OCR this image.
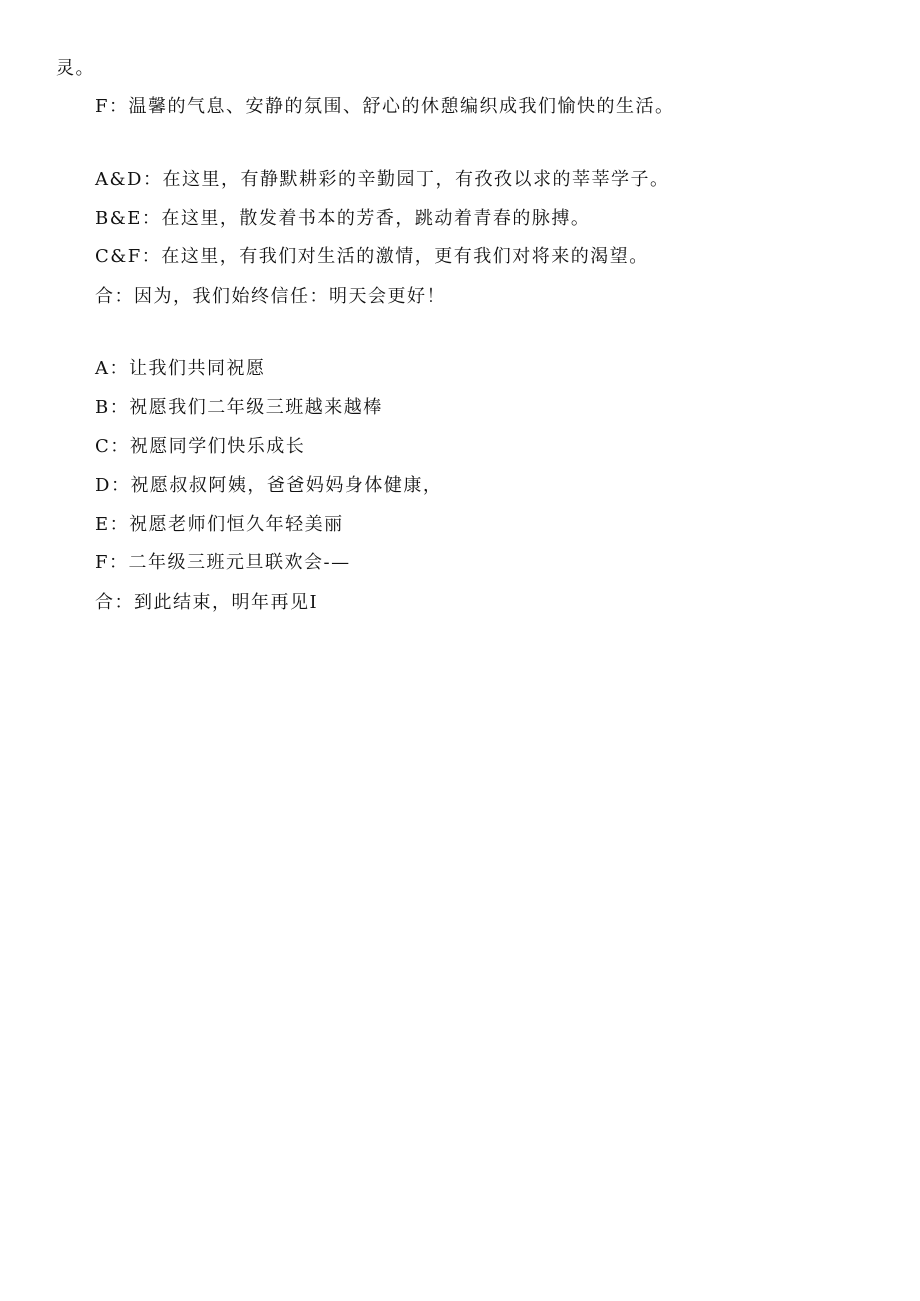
灵。
F：温馨的气息、安静的氛围、舒心的休憩编织成我们愉快的生活。
A&D：在这里，有静默耕彩的辛勤园丁，有孜孜以求的莘莘学子。
B&E：在这里，散发着书本的芳香，跳动着青春的脉搏。
C&F：在这里，有我们对生活的激情，更有我们对将来的渴望。
合：因为，我们始终信任：明天会更好！
A：让我们共同祝愿
B：祝愿我们二年级三班越来越棒
C：祝愿同学们快乐成长
D：祝愿叔叔阿姨，爸爸妈妈身体健康，
E：祝愿老师们恒久年轻美丽
F：二年级三班元旦联欢会-—
合：到此结束，明年再见I
